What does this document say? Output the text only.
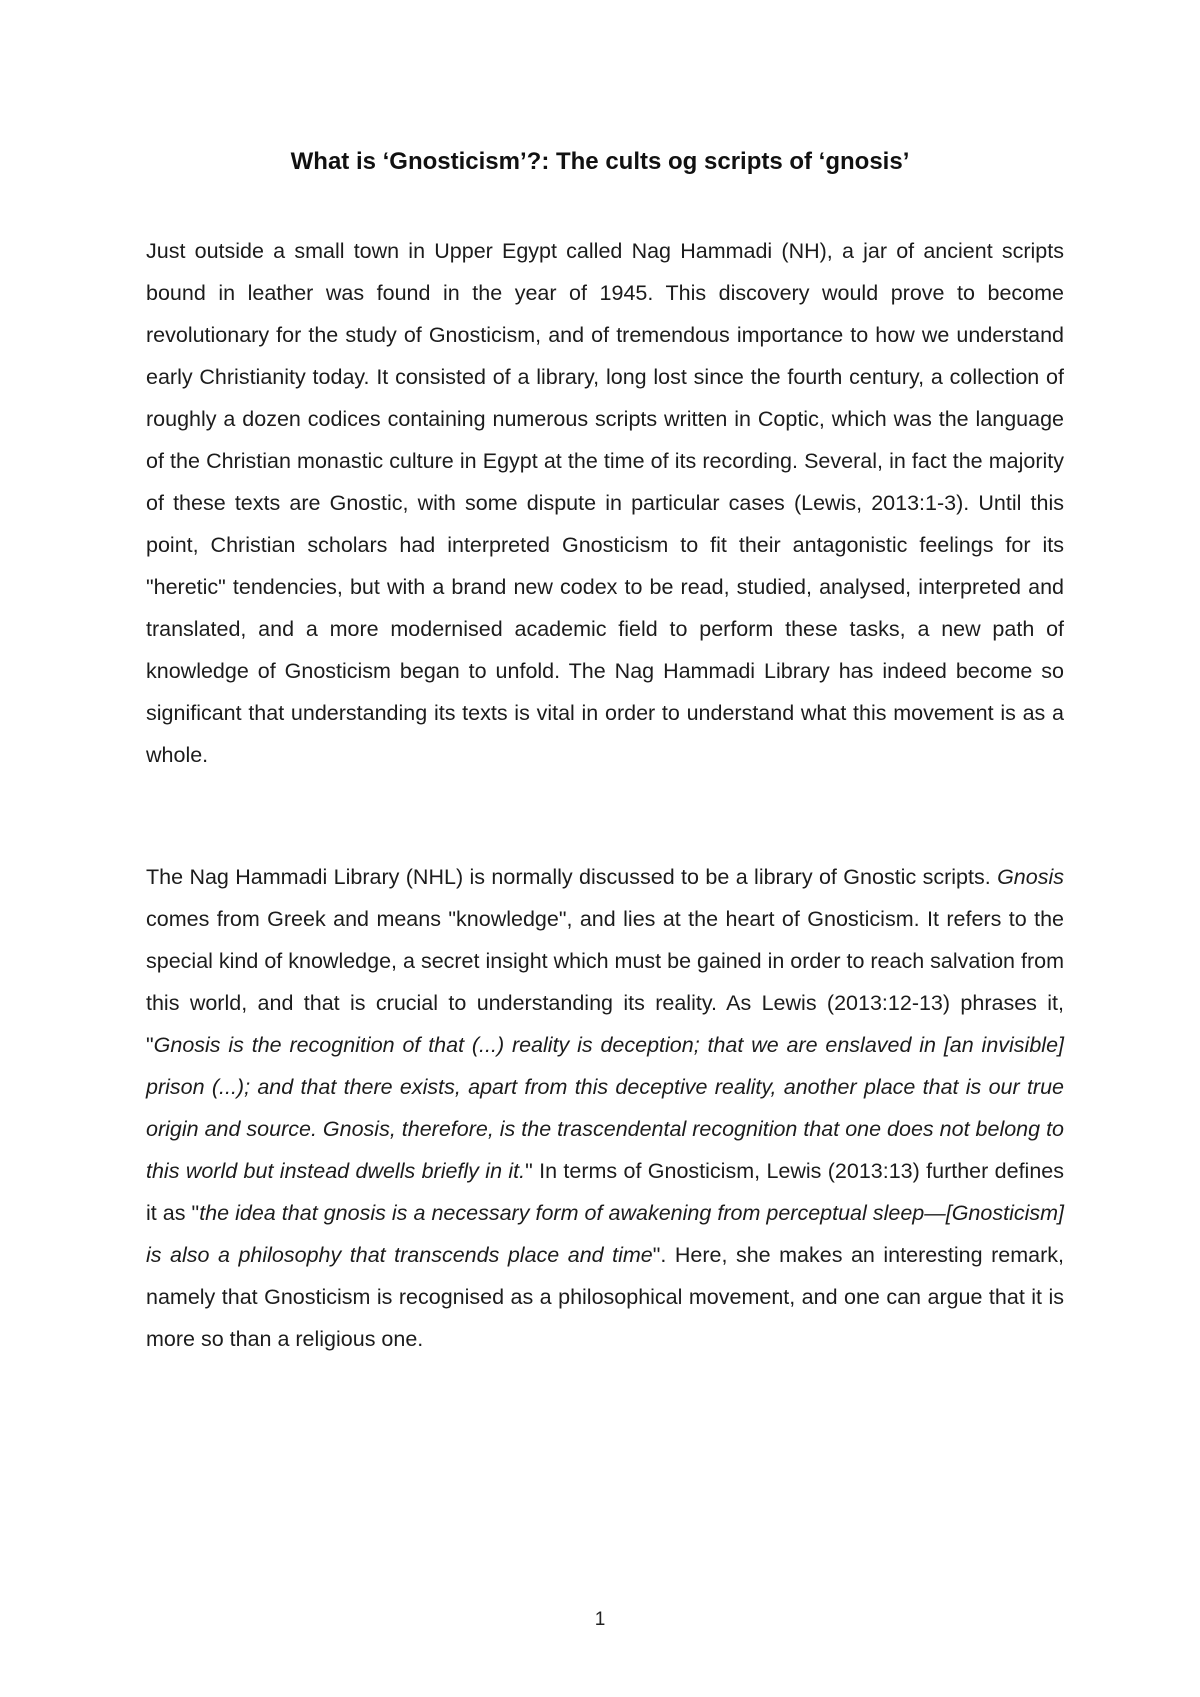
What is ‘Gnosticism’?: The cults og scripts of ‘gnosis’

Just outside a small town in Upper Egypt called Nag Hammadi (NH), a jar of ancient scripts bound in leather was found in the year of 1945. This discovery would prove to become revolutionary for the study of Gnosticism, and of tremendous importance to how we understand early Christianity today. It consisted of a library, long lost since the fourth century, a collection of roughly a dozen codices containing numerous scripts written in Coptic, which was the language of the Christian monastic culture in Egypt at the time of its recording. Several, in fact the majority of these texts are Gnostic, with some dispute in particular cases (Lewis, 2013:1-3). Until this point, Christian scholars had interpreted Gnosticism to fit their antagonistic feelings for its "heretic" tendencies, but with a brand new codex to be read, studied, analysed, interpreted and translated, and a more modernised academic field to perform these tasks, a new path of knowledge of Gnosticism began to unfold. The Nag Hammadi Library has indeed become so significant that understanding its texts is vital in order to understand what this movement is as a whole.

The Nag Hammadi Library (NHL) is normally discussed to be a library of Gnostic scripts. Gnosis comes from Greek and means "knowledge", and lies at the heart of Gnosticism. It refers to the special kind of knowledge, a secret insight which must be gained in order to reach salvation from this world, and that is crucial to understanding its reality. As Lewis (2013:12-13) phrases it, "Gnosis is the recognition of that (...) reality is deception; that we are enslaved in [an invisible] prison (...); and that there exists, apart from this deceptive reality, another place that is our true origin and source. Gnosis, therefore, is the trascendental recognition that one does not belong to this world but instead dwells briefly in it." In terms of Gnosticism, Lewis (2013:13) further defines it as "the idea that gnosis is a necessary form of awakening from perceptual sleep—[Gnosticism] is also a philosophy that transcends place and time". Here, she makes an interesting remark, namely that Gnosticism is recognised as a philosophical movement, and one can argue that it is more so than a religious one.

1
